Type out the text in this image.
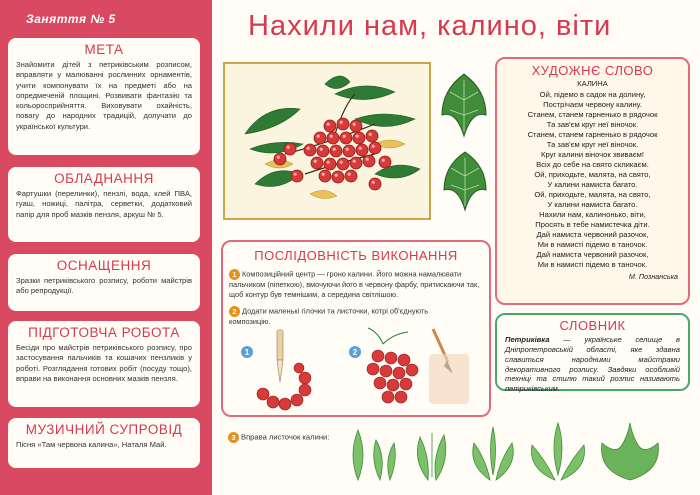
Заняття № 5
МЕТА

Знайомити дітей з петриківським розписом, вправляти у малюванні рослинних орнаментів, учити компонувати їх на предметі або на опредмеченій площині. Розвивати фантазію та кольоросприйняття. Виховувати охайність, повагу до народних традицій, долучати до української культури.

ОБЛАДНАННЯ

Фартушки (перелинки), пензлі, вода, клей ПВА, гуаш, ножиці, палітра, серветки, додатковий папір для проб мазків пензля, аркуш № 5.

ОСНАЩЕННЯ

Зразки петриківського розпису, роботи майстрів або репродукції.

ПІДГОТОВЧА РОБОТА

Бесіди про майстрів петриківського розпису, про застосування пальчиків та кошачих пензликів у роботі. Розглядання готових робіт (посуду тощо), вправи на виконання основних мазків пензля.

МУЗИЧНИЙ СУПРОВІД

Пісня «Там червона калина», Наталя Май.

Нахили нам, калино, віти
ХУДОЖНЄ СЛОВО
КАЛИНА
Ой, підемо в садок на долину,
Пострічаєм червону калину.
Станем, станем гарненько в рядочок
Та зав'єм круг неї віночок.
Станем, станем гарненько в рядочок
Та зав'єм круг неї віночок.
Круг калини віночок звиваєм!
Всіх до себе на свято скликаєм.
Ой, приходьте, малята, на свято,
У калини намиста багато.
Ой, приходьте, малята, на свято,
У калини намиста багато.
Нахили нам, калинонько, віти,
Просять в тебе намистечка діти.
Дай намиста червоний разочок,
Ми в намисті підемо в таночок.
Дай намиста червоний разочок,
Ми в намисті підемо в таночок.
М. Познанська
ПОСЛІДОВНІСТЬ ВИКОНАННЯ
1 Композиційний центр — гроно калини. Його можна намалювати пальчиком (піпеткою), вмочуючи його в червону фарбу, притискаючи так, щоб контур був темнішим, а середина світлішою.
2 Додати маленькі гілочки та листочки, котрі об'єднують композицію.
1	2
СЛОВНИК

Петриківка — українське селище в Дніпропетровській області, яке здавна славиться народними майстрами декоративного розпису. Завдяки особливій техніці та стилю такий розпис називають петриківським.

3 Вправа листочок калини:
